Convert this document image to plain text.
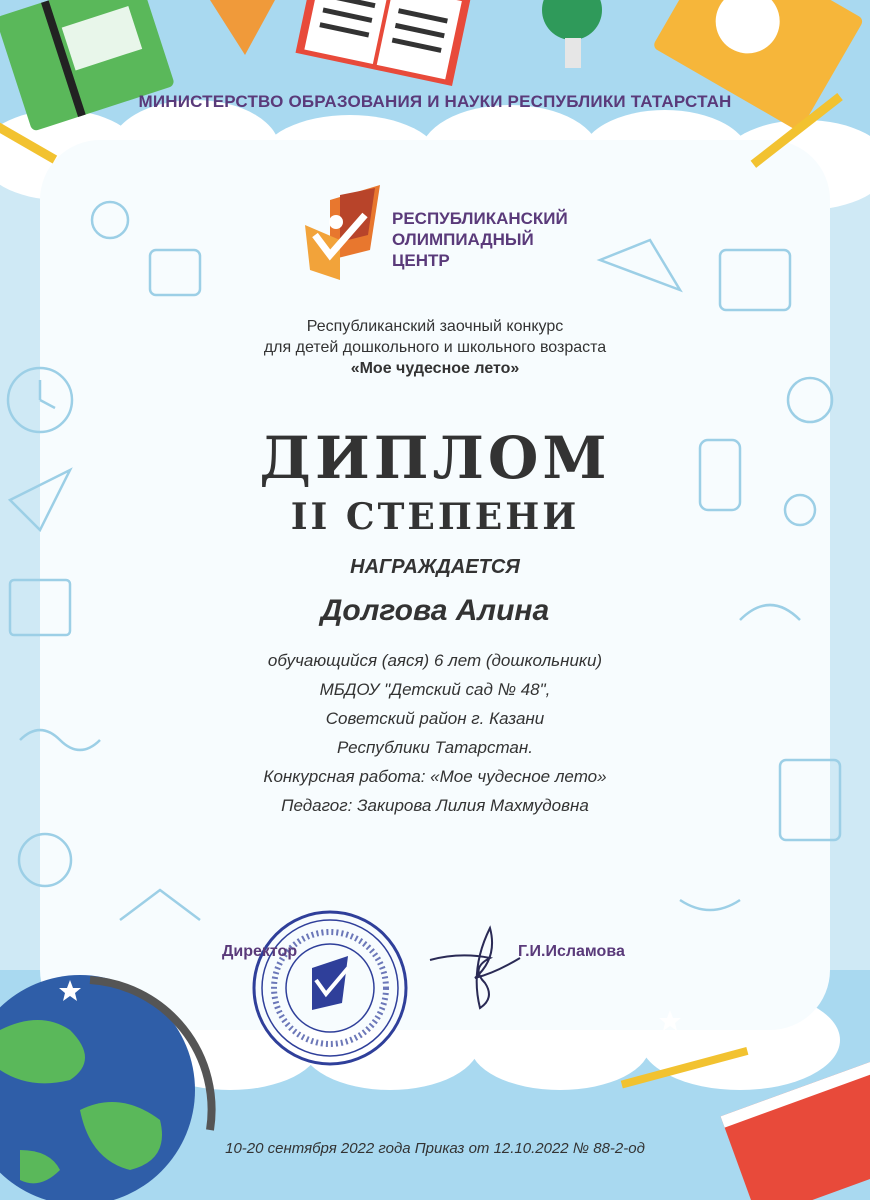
МИНИСТЕРСТВО ОБРАЗОВАНИЯ И НАУКИ РЕСПУБЛИКИ ТАТАРСТАН
РЕСПУБЛИКАНСКИЙ
ОЛИМПИАДНЫЙ
ЦЕНТР
Республиканский заочный конкурс
для детей дошкольного и школьного возраста
«Мое чудесное лето»
ДИПЛОМ
II СТЕПЕНИ
НАГРАЖДАЕТСЯ
Долгова Алина
обучающийся (аяся) 6 лет (дошкольники)
МБДОУ "Детский сад № 48",
Советский район г. Казани
Республики Татарстан.
Конкурсная работа: «Мое чудесное лето»
Педагог: Закирова Лилия Махмудовна
Директор	Г.И.Исламова
10-20 сентября 2022 года Приказ от 12.10.2022 № 88-2-од
